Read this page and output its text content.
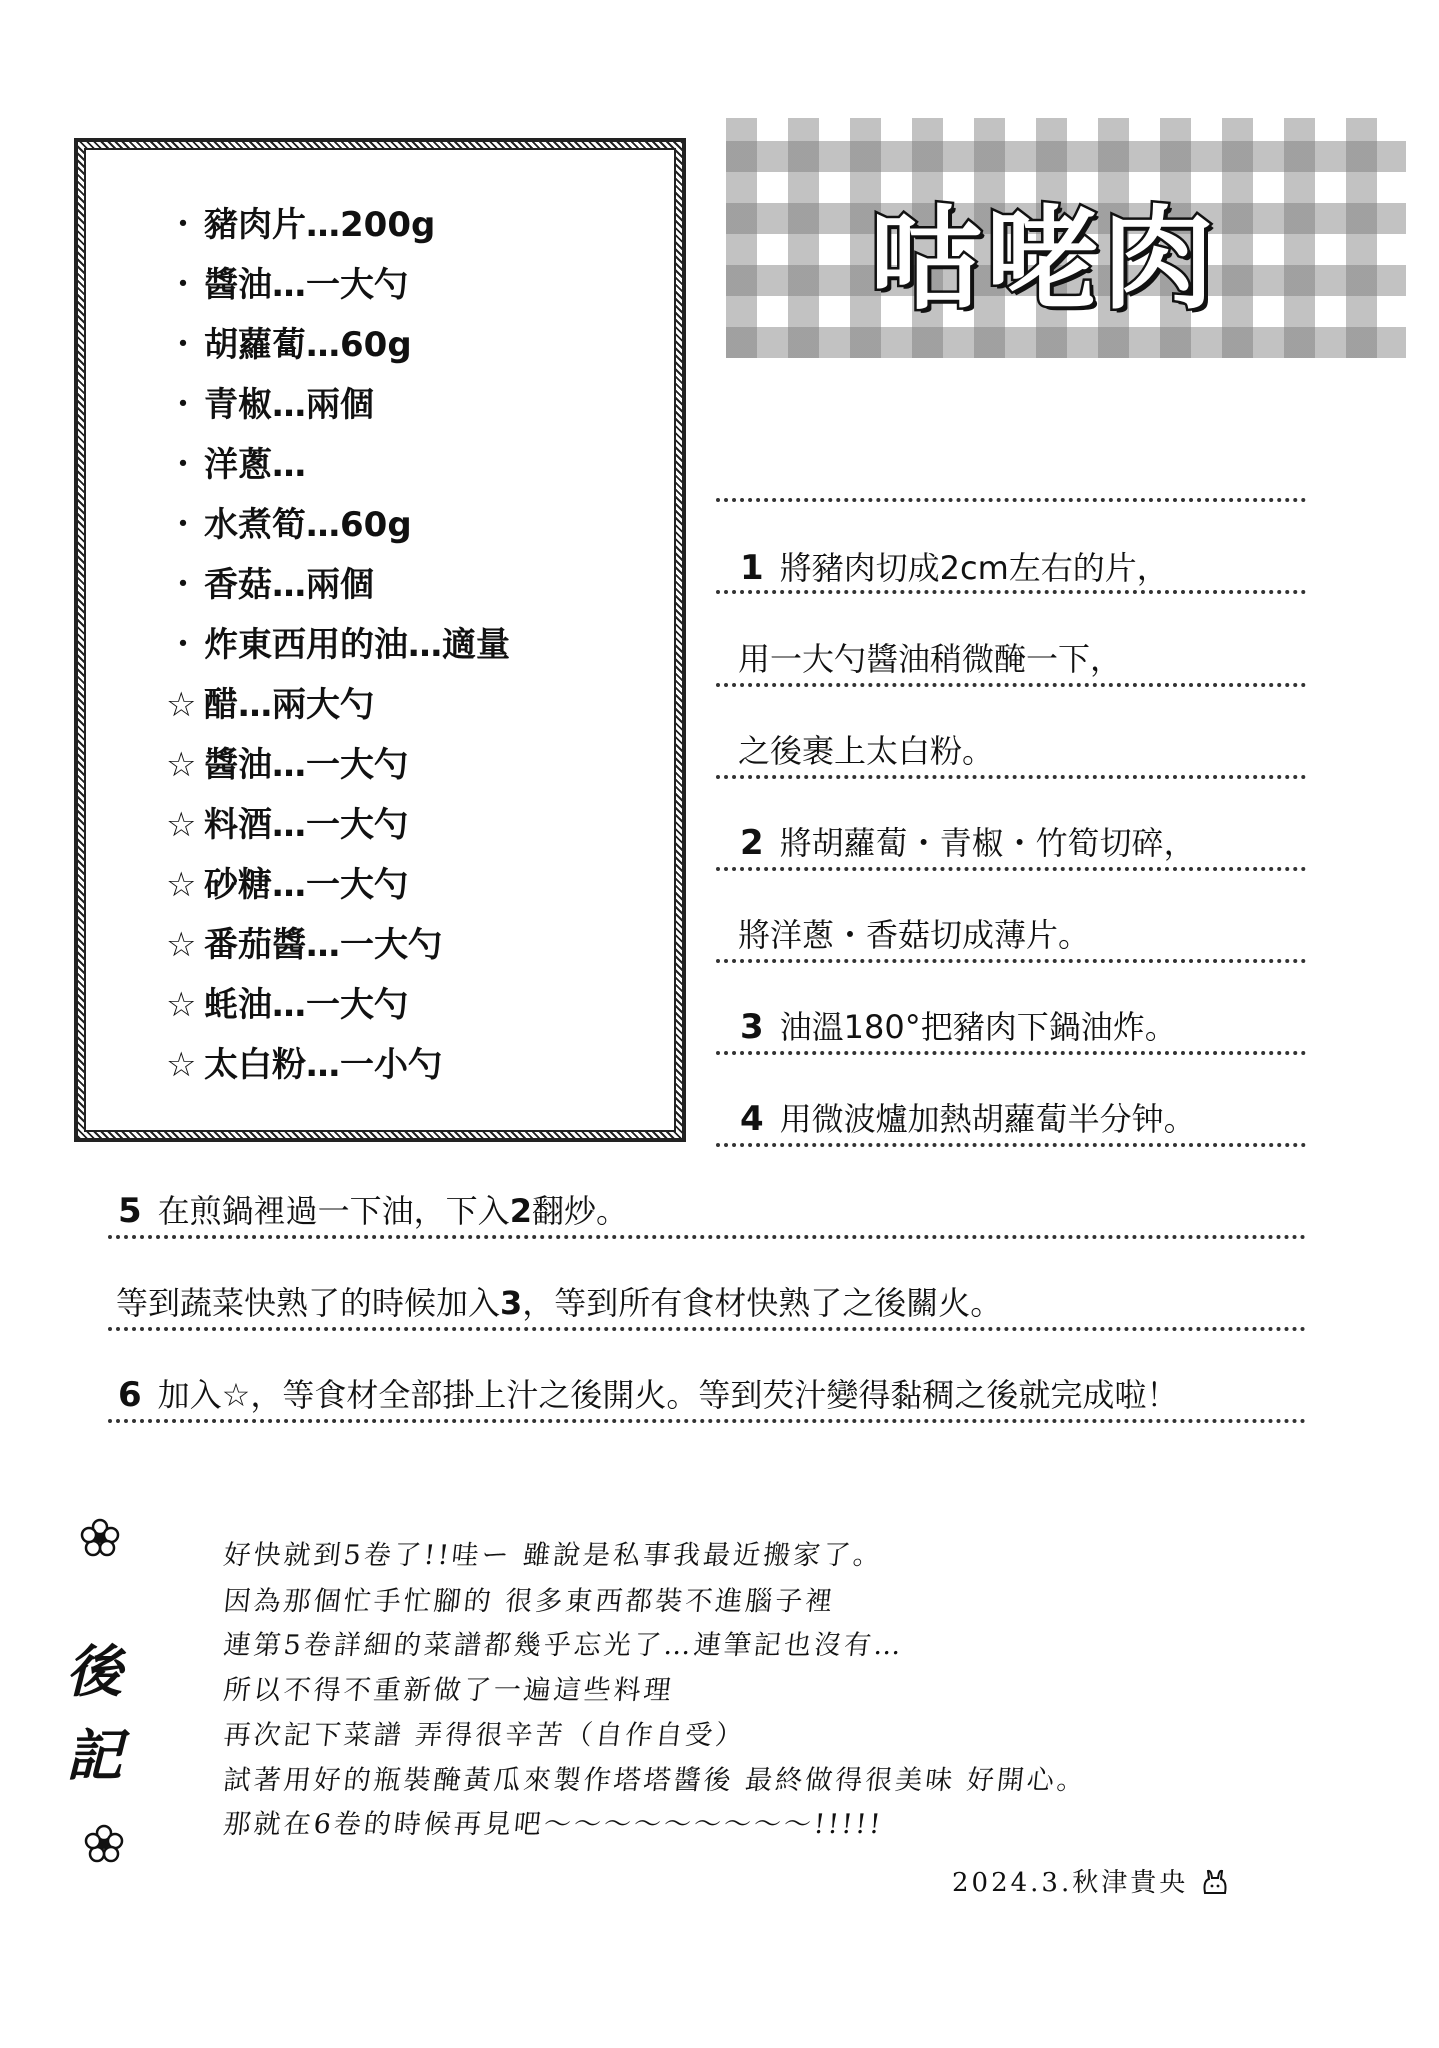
・ 豬肉片…200g
・ 醬油…一大勺
・ 胡蘿蔔…60g
・ 青椒…兩個
・ 洋蔥…
・ 水煮筍…60g
・ 香菇…兩個
・ 炸東西用的油…適量
☆ 醋…兩大勺
☆ 醬油…一大勺
☆ 料酒…一大勺
☆ 砂糖…一大勺
☆ 番茄醬…一大勺
☆ 蚝油…一大勺
☆ 太白粉…一小勺
咕咾肉
1 將豬肉切成2cm左右的片，
用一大勺醬油稍微醃一下，
之後裹上太白粉。
2 將胡蘿蔔・青椒・竹筍切碎，
將洋蔥・香菇切成薄片。
3 油溫180°把豬肉下鍋油炸。
4 用微波爐加熱胡蘿蔔半分钟。
5 在煎鍋裡過一下油，下入2翻炒。
等到蔬菜快熟了的時候加入3，等到所有食材快熟了之後關火。
6 加入☆，等食材全部掛上汁之後開火。等到芡汁變得黏稠之後就完成啦！
後
記
好快就到5卷了!!哇ー 雖說是私事我最近搬家了。
因為那個忙手忙腳的 很多東西都裝不進腦子裡
連第5卷詳細的菜譜都幾乎忘光了…連筆記也沒有…
所以不得不重新做了一遍這些料理
再次記下菜譜 弄得很辛苦（自作自受）
試著用好的瓶裝醃黃瓜來製作塔塔醬後 最終做得很美味 好開心。
那就在6卷的時候再見吧〜〜〜〜〜〜〜〜〜!!!!!
2024.3.秋津貴央
